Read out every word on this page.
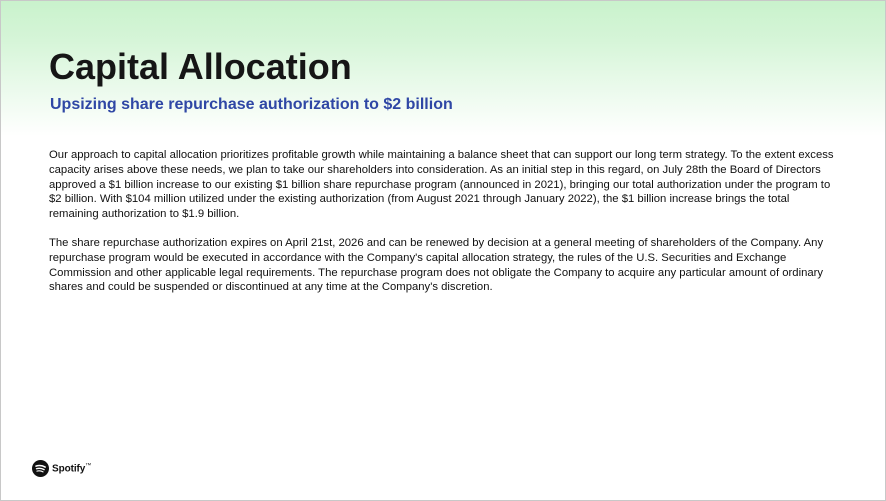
Capital Allocation
Upsizing share repurchase authorization to $2 billion

Our approach to capital allocation prioritizes profitable growth while maintaining a balance sheet that can support our long term strategy. To the extent excess capacity arises above these needs, we plan to take our shareholders into consideration. As an initial step in this regard, on July 28th the Board of Directors approved a $1 billion increase to our existing $1 billion share repurchase program (announced in 2021), bringing our total authorization under the program to $2 billion. With $104 million utilized under the existing authorization (from August 2021 through January 2022), the $1 billion increase brings the total remaining authorization to $1.9 billion.

The share repurchase authorization expires on April 21st, 2026 and can be renewed by decision at a general meeting of shareholders of the Company. Any repurchase program would be executed in accordance with the Company's capital allocation strategy, the rules of the U.S. Securities and Exchange Commission and other applicable legal requirements. The repurchase program does not obligate the Company to acquire any particular amount of ordinary shares and could be suspended or discontinued at any time at the Company's discretion.

Spotify™
